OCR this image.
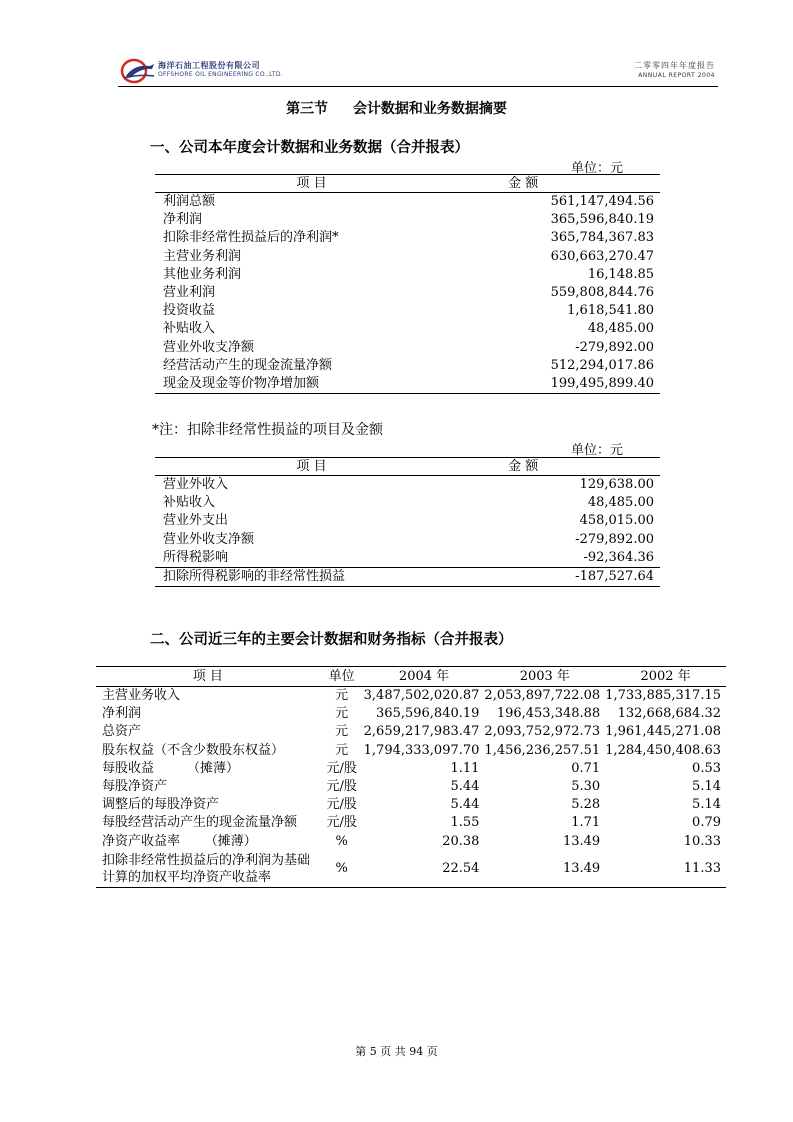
海洋石油工程股份有限公司
OFFSHORE OIL ENGINEERING CO.,LTD.
二零零四年年度报告
ANNUAL REPORT 2004
第三节 会计数据和业务数据摘要
一、公司本年度会计数据和业务数据（合并报表）
单位：元
项 目	金 额
利润总额	561,147,494.56
净利润	365,596,840.19
扣除非经常性损益后的净利润*	365,784,367.83
主营业务利润	630,663,270.47
其他业务利润	16,148.85
营业利润	559,808,844.76
投资收益	1,618,541.80
补贴收入	48,485.00
营业外收支净额	-279,892.00
经营活动产生的现金流量净额	512,294,017.86
现金及现金等价物净增加额	199,495,899.40
*注：扣除非经常性损益的项目及金额
单位：元
项 目	金 额
营业外收入	129,638.00
补贴收入	48,485.00
营业外支出	458,015.00
营业外收支净额	-279,892.00
所得税影响	-92,364.36
扣除所得税影响的非经常性损益	-187,527.64
二、公司近三年的主要会计数据和财务指标（合并报表）
项 目	单位	2004 年	2003 年	2002 年
主营业务收入	元	3,487,502,020.87	2,053,897,722.08	1,733,885,317.15
净利润	元	365,596,840.19	196,453,348.88	132,668,684.32
总资产	元	2,659,217,983.47	2,093,752,972.73	1,961,445,271.08
股东权益（不含少数股东权益）	元	1,794,333,097.70	1,456,236,257.51	1,284,450,408.63
每股收益        （摊薄）	元/股	1.11	0.71	0.53
每股净资产	元/股	5.44	5.30	5.14
调整后的每股净资产	元/股	5.44	5.28	5.14
每股经营活动产生的现金流量净额	元/股	1.55	1.71	0.79
净资产收益率      （摊薄）	%	20.38	13.49	10.33
扣除非经常性损益后的净利润为基础计算的加权平均净资产收益率	%	22.54	13.49	11.33
第 5 页 共 94 页
